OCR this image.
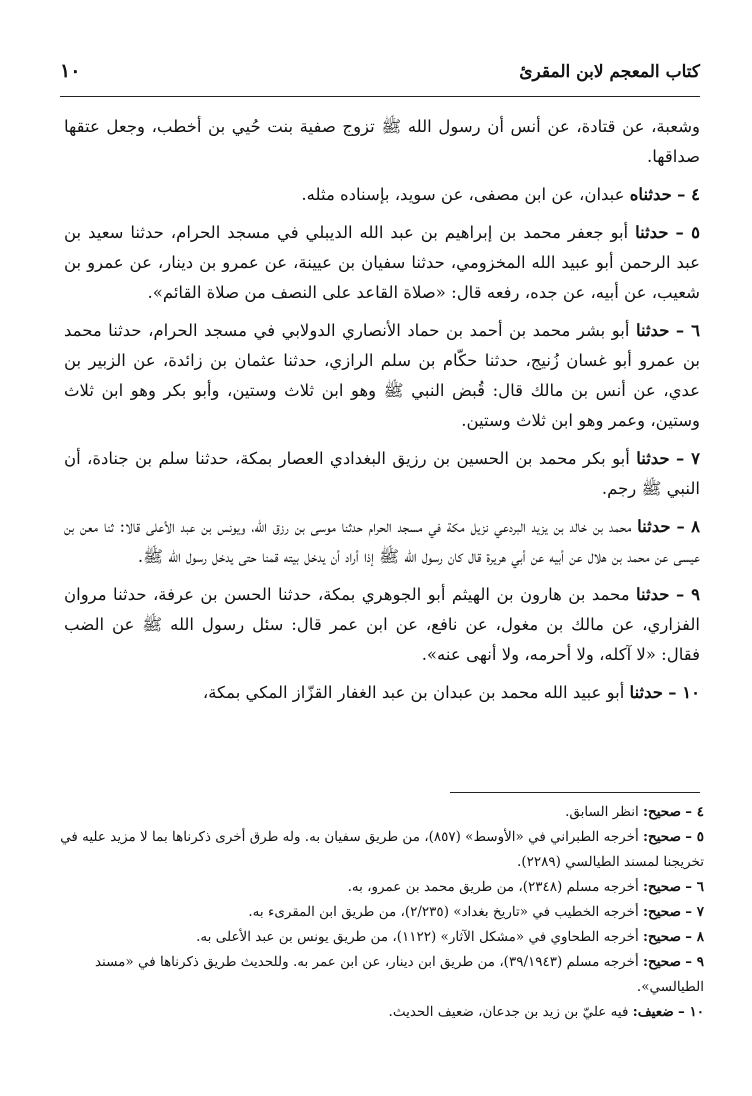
كتاب المعجم لابن المقرئ
١٠

وشعبة، عن قتادة، عن أنس أن رسول الله ﷺ تزوج صفية بنت حُيي بن أخطب، وجعل عتقها صداقها.

٤ – حدثناه عبدان، عن ابن مصفى، عن سويد، بإسناده مثله.

٥ – حدثنا أبو جعفر محمد بن إبراهيم بن عبد الله الديبلي في مسجد الحرام، حدثنا سعيد بن عبد الرحمن أبو عبيد الله المخزومي، حدثنا سفيان بن عيينة، عن عمرو بن دينار، عن عمرو بن شعيب، عن أبيه، عن جده، رفعه قال: «صلاة القاعد على النصف من صلاة القائم».

٦ – حدثنا أبو بشر محمد بن أحمد بن حماد الأنصاري الدولابي في مسجد الحرام، حدثنا محمد بن عمرو أبو غسان زُنيج، حدثنا حكّام بن سلم الرازي، حدثنا عثمان بن زائدة، عن الزبير بن عدي، عن أنس بن مالك قال: قُبض النبي ﷺ وهو ابن ثلاث وستين، وأبو بكر وهو ابن ثلاث وستين، وعمر وهو ابن ثلاث وستين.

٧ – حدثنا أبو بكر محمد بن الحسين بن رزيق البغدادي العصار بمكة، حدثنا سلم بن جنادة، أن النبي ﷺ رجم.

٨ – حدثنا محمد بن خالد بن يزيد البردعي نزيل مكة في مسجد الحرام حدثنا موسى بن رزق الله، ويونس بن عبد الأعلى قالا: ثنا معن بن عيسى عن محمد بن هلال عن أبيه عن أبي هريرة قال كان رسول الله ﷺ إذا أراد أن يدخل بيته قمنا حتى يدخل رسول الله ﷺ.

٩ – حدثنا محمد بن هارون بن الهيثم أبو الجوهري بمكة، حدثنا الحسن بن عرفة، حدثنا مروان الفزاري، عن مالك بن مغول، عن نافع، عن ابن عمر قال: سئل رسول الله ﷺ عن الضب فقال: «لا آكله، ولا أحرمه، ولا أنهى عنه».

١٠ – حدثنا أبو عبيد الله محمد بن عبدان بن عبد الغفار القزّاز المكي بمكة،

٤ – صحيح: انظر السابق.

٥ – صحيح: أخرجه الطبراني في «الأوسط» (٨٥٧)، من طريق سفيان به. وله طرق أخرى ذكرناها بما لا مزيد عليه في تخريجنا لمسند الطيالسي (٢٢٨٩).

٦ – صحيح: أخرجه مسلم (٢٣٤٨)، من طريق محمد بن عمرو، به.

٧ – صحيح: أخرجه الخطيب في «تاريخ بغداد» (٢/٢٣٥)، من طريق ابن المقرىء به.

٨ – صحيح: أخرجه الطحاوي في «مشكل الآثار» (١١٢٢)، من طريق يونس بن عبد الأعلى به.

٩ – صحيح: أخرجه مسلم (٣٩/١٩٤٣)، من طريق ابن دينار، عن ابن عمر به. وللحديث طريق ذكرناها في «مسند الطيالسي».

١٠ – ضعيف: فيه عليّ بن زيد بن جدعان، ضعيف الحديث.
